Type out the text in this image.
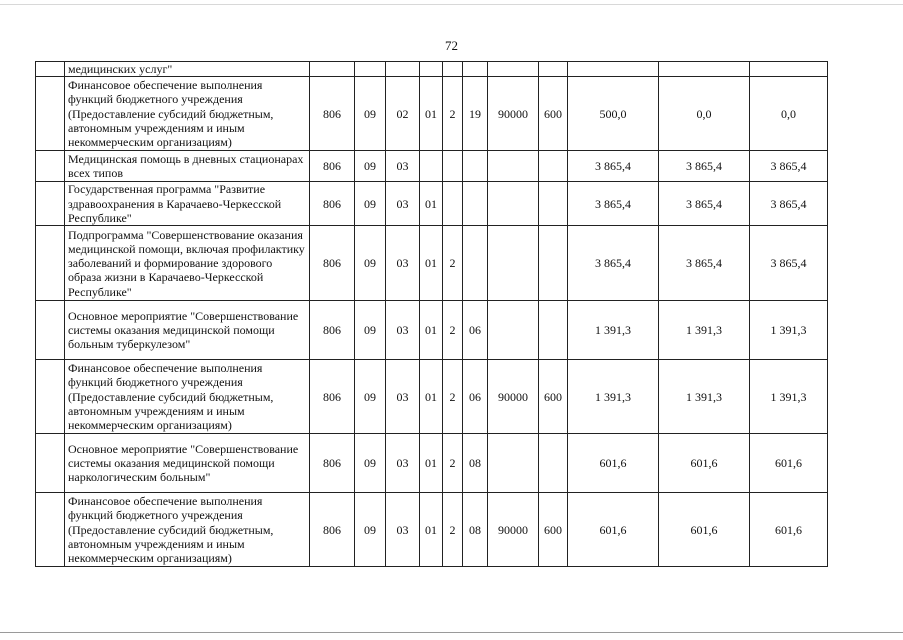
72
	медицинских услуг"											
	Финансовое обеспечение выполнения функций бюджетного учреждения (Предоставление субсидий бюджетным, автономным учреждениям и иным некоммерческим организациям)	806	09	02	01	2	19	90000	600	500,0	0,0	0,0
	Медицинская помощь в дневных стационарах всех типов	806	09	03						3 865,4	3 865,4	3 865,4
	Государственная программа "Развитие здравоохранения в Карачаево-Черкесской Республике"	806	09	03	01					3 865,4	3 865,4	3 865,4
	Подпрограмма "Совершенствование оказания медицинской помощи, включая профилактику заболеваний и формирование здорового образа жизни в Карачаево-Черкесской Республике"	806	09	03	01	2				3 865,4	3 865,4	3 865,4
	Основное мероприятие "Совершенствование системы оказания медицинской помощи больным туберкулезом"	806	09	03	01	2	06			1 391,3	1 391,3	1 391,3
	Финансовое обеспечение выполнения функций бюджетного учреждения (Предоставление субсидий бюджетным, автономным учреждениям и иным некоммерческим организациям)	806	09	03	01	2	06	90000	600	1 391,3	1 391,3	1 391,3
	Основное мероприятие "Совершенствование системы оказания медицинской помощи наркологическим больным"	806	09	03	01	2	08			601,6	601,6	601,6
	Финансовое обеспечение выполнения функций бюджетного учреждения (Предоставление субсидий бюджетным, автономным учреждениям и иным некоммерческим организациям)	806	09	03	01	2	08	90000	600	601,6	601,6	601,6
